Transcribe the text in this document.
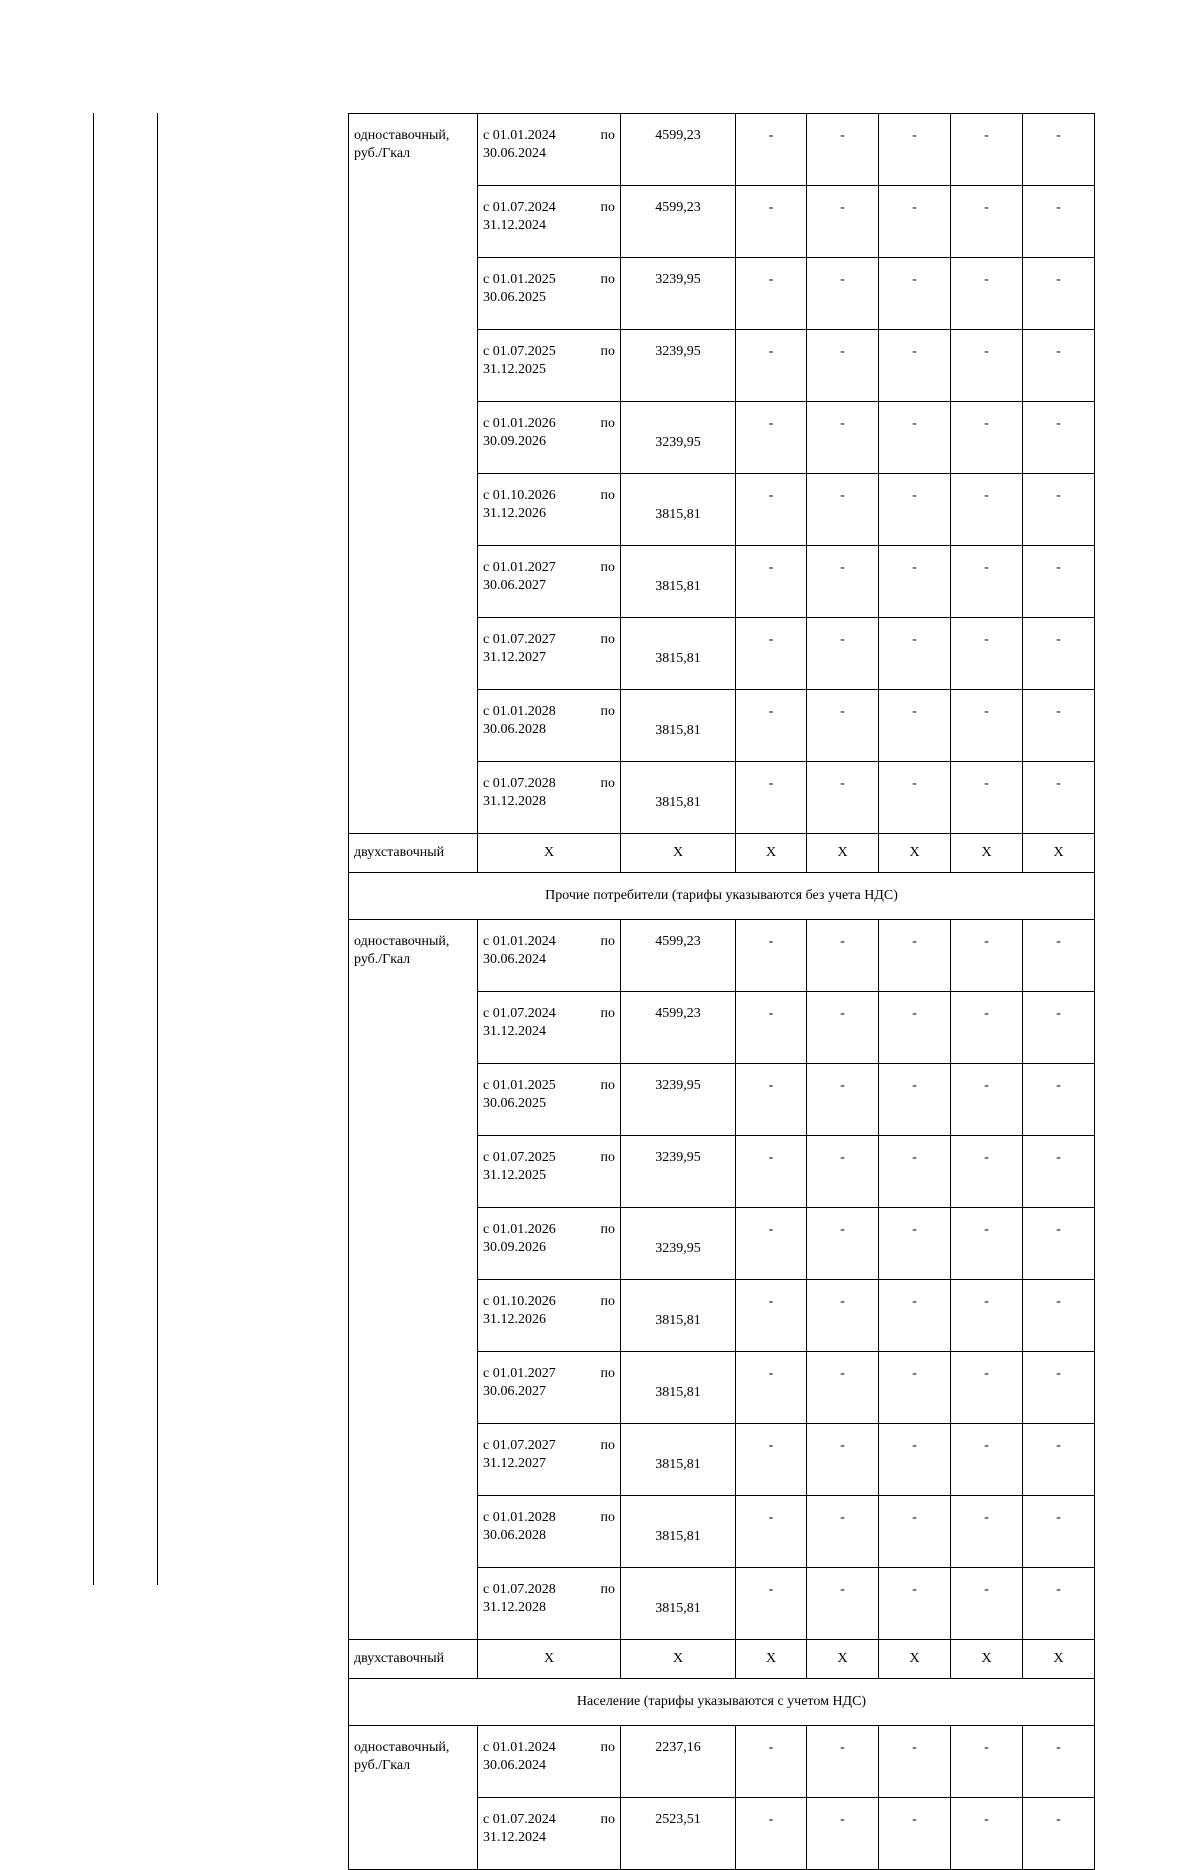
одноставочный, руб./Гкал	с 01.01.2024 по
30.06.2024	4599,23	-	-	-	-	-

	с 01.07.2024 по
31.12.2024	4599,23	-	-	-	-	-

	с 01.01.2025 по
30.06.2025	3239,95	-	-	-	-	-

	с 01.07.2025 по
31.12.2025	3239,95	-	-	-	-	-

	с 01.01.2026 по
30.09.2026	3239,95	-	-	-	-	-

	с 01.10.2026 по
31.12.2026	3815,81	-	-	-	-	-

	с 01.01.2027 по
30.06.2027	3815,81	-	-	-	-	-

	с 01.07.2027 по
31.12.2027	3815,81	-	-	-	-	-

	с 01.01.2028 по
30.06.2028	3815,81	-	-	-	-	-

	с 01.07.2028 по
31.12.2028	3815,81	-	-	-	-	-
двухставочный	Х	Х	Х	Х	Х	Х	Х
Прочие потребители (тарифы указываются без учета НДС)							
одноставочный, руб./Гкал	с 01.01.2024 по
30.06.2024	4599,23	-	-	-	-	-

	с 01.07.2024 по
31.12.2024	4599,23	-	-	-	-	-

	с 01.01.2025 по
30.06.2025	3239,95	-	-	-	-	-

	с 01.07.2025 по
31.12.2025	3239,95	-	-	-	-	-

	с 01.01.2026 по
30.09.2026	3239,95	-	-	-	-	-

	с 01.10.2026 по
31.12.2026	3815,81	-	-	-	-	-

	с 01.01.2027 по
30.06.2027	3815,81	-	-	-	-	-

	с 01.07.2027 по
31.12.2027	3815,81	-	-	-	-	-

	с 01.01.2028 по
30.06.2028	3815,81	-	-	-	-	-

	с 01.07.2028 по
31.12.2028	3815,81	-	-	-	-	-
двухставочный	Х	Х	Х	Х	Х	Х	Х
Население (тарифы указываются с учетом НДС)							
одноставочный, руб./Гкал	с 01.01.2024 по
30.06.2024	2237,16	-	-	-	-	-

	с 01.07.2024 по
31.12.2024	2523,51	-	-	-	-	-
